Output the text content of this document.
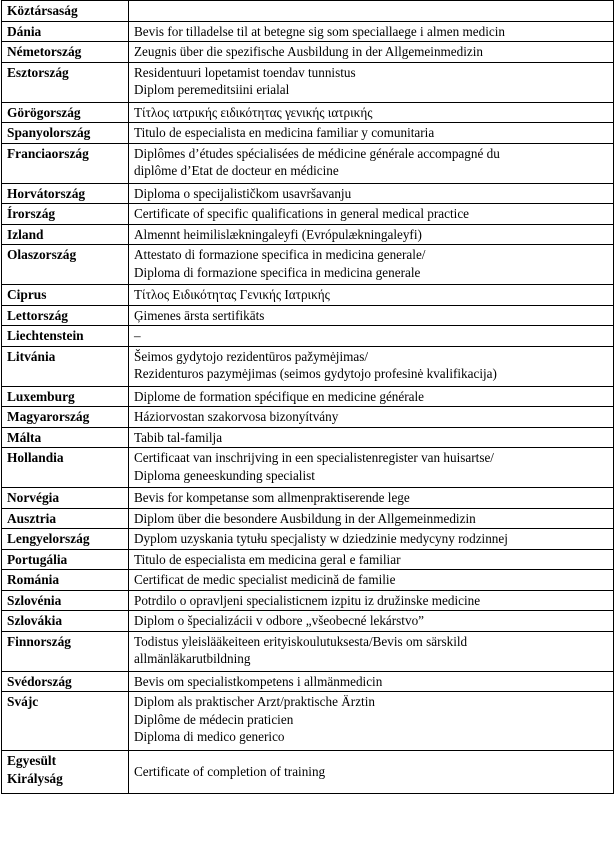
Köztársaság	
Dánia	Bevis for tilladelse til at betegne sig som speciallaege i almen medicin

Németország	Zeugnis über die spezifische Ausbildung in der Allgemeinmedizin

Esztország	Residentuuri lopetamist toendav tunnistus
Diplom peremeditsiini erialal

Görögország	Τίτλος ιατρικής ειδικότητας γενικής ιατρικής

Spanyolország	Titulo de especialista en medicina familiar y comunitaria

Franciaország	Diplômes d’études spécialisées de médicine générale accompagné du
diplôme d’Etat de docteur en médicine

Horvátország	Diploma o specijalističkom usavršavanju

Írország	Certificate of specific qualifications in general medical practice

Izland	Almennt heimilislækningaleyfi (Evrópulækningaleyfi)

Olaszország	Attestato di formazione specifica in medicina generale/
Diploma di formazione specifica in medicina generale

Ciprus	Τίτλος Ειδικότητας Γενικής Ιατρικής

Lettország	Ģimenes ārsta sertifikāts

Liechtenstein	–

Litvánia	Šeimos gydytojo rezidentūros pažymėjimas/
Rezidenturos pazymėjimas (seimos gydytojo profesinė kvalifikacija)

Luxemburg	Diplome de formation spécifique en medicine générale

Magyarország	Háziorvostan szakorvosa bizonyítvány

Málta	Tabib tal-familja

Hollandia	Certificaat van inschrijving in een specialistenregister van huisartse/
Diploma geneeskunding specialist

Norvégia	Bevis for kompetanse som allmenpraktiserende lege

Ausztria	Diplom über die besondere Ausbildung in der Allgemeinmedizin

Lengyelország	Dyplom uzyskania tytułu specjalisty w dziedzinie medycyny rodzinnej

Portugália	Titulo de especialista em medicina geral e familiar

Románia	Certificat de medic specialist medicină de familie

Szlovénia	Potrdilo o opravljeni specialisticnem izpitu iz družinske medicine

Szlovákia	Diplom o špecializácii v odbore „všeobecné lekárstvo”

Finnország	Todistus yleislääkeiteen erityiskoulutuksesta/Bevis om särskild
allmänläkarutbildning

Svédország	Bevis om specialistkompetens i allmänmedicin

Svájc	Diplom als praktischer Arzt/praktische Ärztin
Diplôme de médecin praticien
Diploma di medico generico

Egyesült Királyság	Certificate of completion of training
